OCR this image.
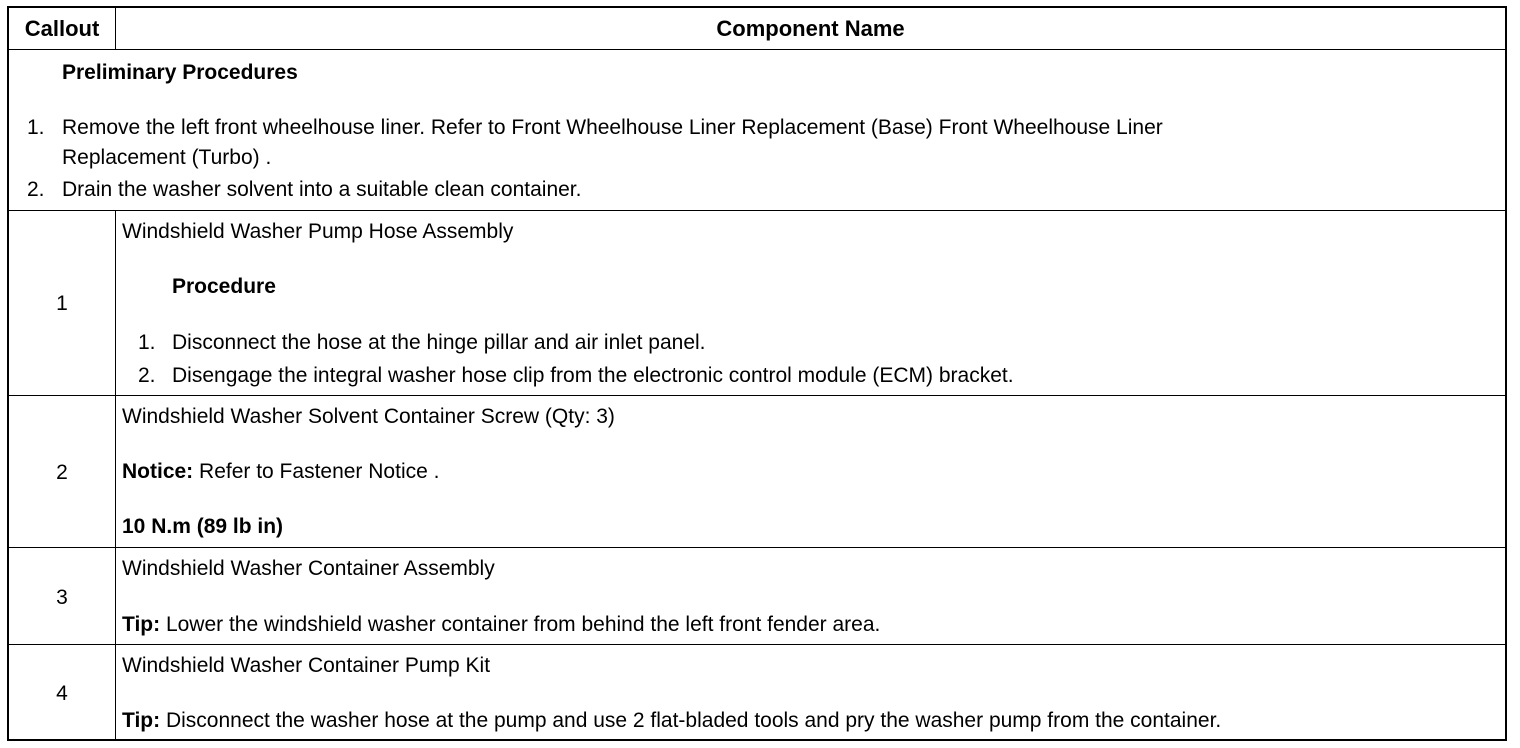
Callout	Component Name
Preliminary Procedures
1. Remove the left front wheelhouse liner. Refer to Front Wheelhouse Liner Replacement (Base) Front Wheelhouse Liner
Replacement (Turbo) .
2. Drain the washer solvent into a suitable clean container.
1
Windshield Washer Pump Hose Assembly
Procedure
1. Disconnect the hose at the hinge pillar and air inlet panel.
2. Disengage the integral washer hose clip from the electronic control module (ECM) bracket.
2
Windshield Washer Solvent Container Screw (Qty: 3)
Notice: Refer to Fastener Notice .
10 N.m (89 lb in)
3
Windshield Washer Container Assembly
Tip: Lower the windshield washer container from behind the left front fender area.
4
Windshield Washer Container Pump Kit
Tip: Disconnect the washer hose at the pump and use 2 flat-bladed tools and pry the washer pump from the container.
